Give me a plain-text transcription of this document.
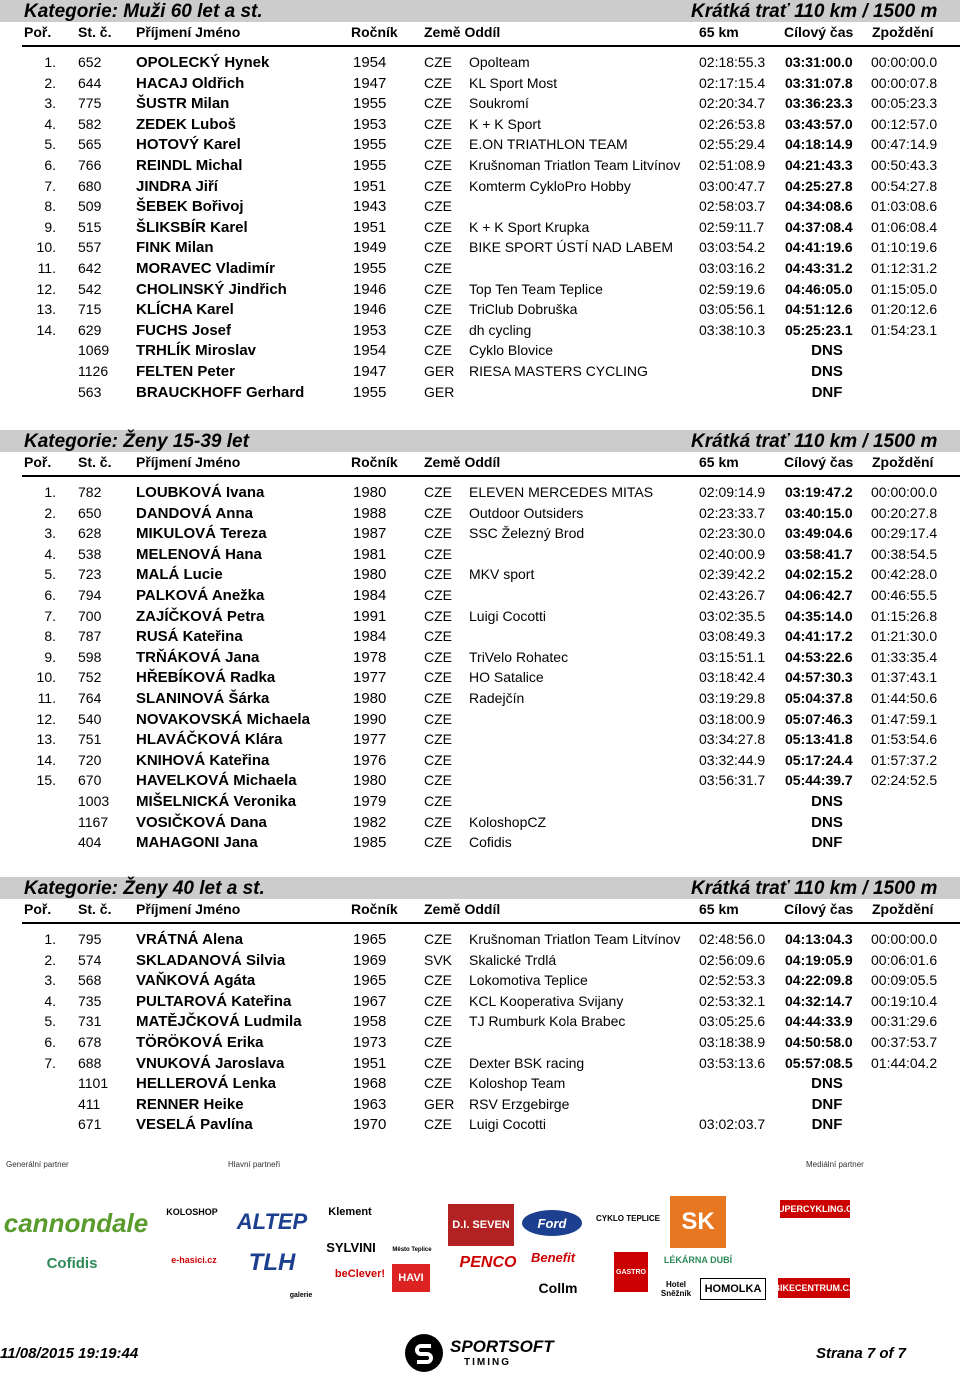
Kategorie: Muži 60 let a st.	Krátká trať 110 km / 1500 m
Poř. St. č. Příjmení Jméno	Ročník Země Oddíl	65 km	Cílový čas Zpoždění
1. 652 OPOLECKÝ Hynek	1954	CZE Opolteam	02:18:55.3 03:31:00.0 00:00:00.0
2. 644 HACAJ Oldřich	1947	CZE KL Sport Most	02:17:15.4 03:31:07.8 00:00:07.8
3. 775 ŠUSTR Milan	1955	CZE Soukromí	02:20:34.7 03:36:23.3 00:05:23.3
4. 582 ZEDEK Luboš	1953	CZE K + K Sport	02:26:53.8 03:43:57.0 00:12:57.0
5. 565 HOTOVÝ Karel	1955	CZE E.ON TRIATHLON TEAM	02:55:29.4 04:18:14.9 00:47:14.9
6. 766 REINDL Michal	1955	CZE Krušnoman Triatlon Team Litvínov 02:51:08.9 04:21:43.3 00:50:43.3
7. 680 JINDRA Jiří	1951	CZE Komterm CykloPro Hobby	03:00:47.7 04:25:27.8 00:54:27.8
8. 509 ŠEBEK Bořivoj	1943	CZE	02:58:03.7 04:34:08.6 01:03:08.6
9. 515 ŠLIKSBÍR Karel	1951	CZE K + K Sport Krupka	02:59:11.7 04:37:08.4 01:06:08.4
10. 557 FINK Milan	1949	CZE BIKE SPORT ÚSTÍ NAD LABEM 03:03:54.2 04:41:19.6 01:10:19.6
11. 642 MORAVEC Vladimír	1955	CZE	03:03:16.2 04:43:31.2 01:12:31.2
12. 542 CHOLINSKÝ Jindřich	1946	CZE Top Ten Team Teplice	02:59:19.6 04:46:05.0 01:15:05.0
13. 715 KLÍCHA Karel	1946	CZE TriClub Dobruška	03:05:56.1 04:51:12.6 01:20:12.6
14. 629 FUCHS Josef	1953	CZE dh cycling	03:38:10.3 05:25:23.1 01:54:23.1
1069 TRHLÍK Miroslav	1954	CZE Cyklo Blovice	DNS
1126 FELTEN Peter	1947	GER RIESA MASTERS CYCLING	DNS
563 BRAUCKHOFF Gerhard	1955	GER	DNF
Kategorie: Ženy 15-39 let	Krátká trať 110 km / 1500 m
Poř. St. č. Příjmení Jméno	Ročník Země Oddíl	65 km	Cílový čas Zpoždění
1. 782 LOUBKOVÁ Ivana	1980	CZE ELEVEN MERCEDES MITAS	02:09:14.9 03:19:47.2 00:00:00.0
2. 650 DANDOVÁ Anna	1988	CZE Outdoor Outsiders	02:23:33.7 03:40:15.0 00:20:27.8
3. 628 MIKULOVÁ Tereza	1987	CZE SSC Železný Brod	02:23:30.0 03:49:04.6 00:29:17.4
4. 538 MELENOVÁ Hana	1981	CZE	02:40:00.9 03:58:41.7 00:38:54.5
5. 723 MALÁ Lucie	1980	CZE MKV sport	02:39:42.2 04:02:15.2 00:42:28.0
6. 794 PALKOVÁ Anežka	1984	CZE	02:43:26.7 04:06:42.7 00:46:55.5
7. 700 ZAJÍČKOVÁ Petra	1991	CZE Luigi Cocotti	03:02:35.5 04:35:14.0 01:15:26.8
8. 787 RUSÁ Kateřina	1984	CZE	03:08:49.3 04:41:17.2 01:21:30.0
9. 598 TRŇÁKOVÁ Jana	1978	CZE TriVelo Rohatec	03:15:51.1 04:53:22.6 01:33:35.4
10. 752 HŘEBÍKOVÁ Radka	1977	CZE HO Satalice	03:18:42.4 04:57:30.3 01:37:43.1
11. 764 SLANINOVÁ Šárka	1980	CZE Radejčín	03:19:29.8 05:04:37.8 01:44:50.6
12. 540 NOVAKOVSKÁ Michaela	1990	CZE	03:18:00.9 05:07:46.3 01:47:59.1
13. 751 HLAVÁČKOVÁ Klára	1977	CZE	03:34:27.8 05:13:41.8 01:53:54.6
14. 720 KNIHOVÁ Kateřina	1976	CZE	03:32:44.9 05:17:24.4 01:57:37.2
15. 670 HAVELKOVÁ Michaela	1980	CZE	03:56:31.7 05:44:39.7 02:24:52.5
1003 MIŠELNICKÁ Veronika	1979	CZE	DNS
1167 VOSIČKOVÁ Dana	1982	CZE KoloshopCZ	DNS
404 MAHAGONI Jana	1985	CZE Cofidis	DNF
Kategorie: Ženy 40 let a st.	Krátká trať 110 km / 1500 m
Poř. St. č. Příjmení Jméno	Ročník Země Oddíl	65 km	Cílový čas Zpoždění
1. 795 VRÁTNÁ Alena	1965	CZE Krušnoman Triatlon Team Litvínov 02:48:56.0 04:13:04.3 00:00:00.0
2. 574 SKLADANOVÁ Silvia	1969	SVK Skalické Trdlá	02:56:09.6 04:19:05.9 00:06:01.6
3. 568 VAŇKOVÁ Agáta	1965	CZE Lokomotiva Teplice	02:52:53.3 04:22:09.8 00:09:05.5
4. 735 PULTAROVÁ Kateřina	1967	CZE KCL Kooperativa Svijany	02:53:32.1 04:32:14.7 00:19:10.4
5. 731 MATĚJČKOVÁ Ludmila	1958	CZE TJ Rumburk Kola Brabec	03:05:25.6 04:44:33.9 00:31:29.6
6. 678 TÖRÖKOVÁ Erika	1973	CZE	03:18:38.9 04:50:58.0 00:37:53.7
7. 688 VNUKOVÁ Jaroslava	1951	CZE Dexter BSK racing	03:53:13.6 05:57:08.5 01:44:04.2
1101 HELLEROVÁ Lenka	1968	CZE Koloshop Team	DNS
411 RENNER Heike	1963	GER RSV Erzgebirge	DNF
671 VESELÁ Pavlína	1970	CZE Luigi Cocotti	03:02:03.7	DNF
Generální partner	Hlavní partneři	Mediální partner
cannondale	KOLOSHOP ALTEP	Klement
Cofidis	e-hasici.cz	TLH
SYLVINI
D.I. SEVEN	Ford	CYKLO TEPLICE SK	SUPERCYKLING.CZ
PENCO Benefit
GASTRO
LÉKÁRNA DUBÍ
beClever!	HAVI
Collm	Hotel Sněžník	HOMOLKA	BIKECENTRUM.CZ
galerie
Město Teplice
11/08/2015 19:19:44	SPORTSOFT
TIMING
Strana 7 of 7
